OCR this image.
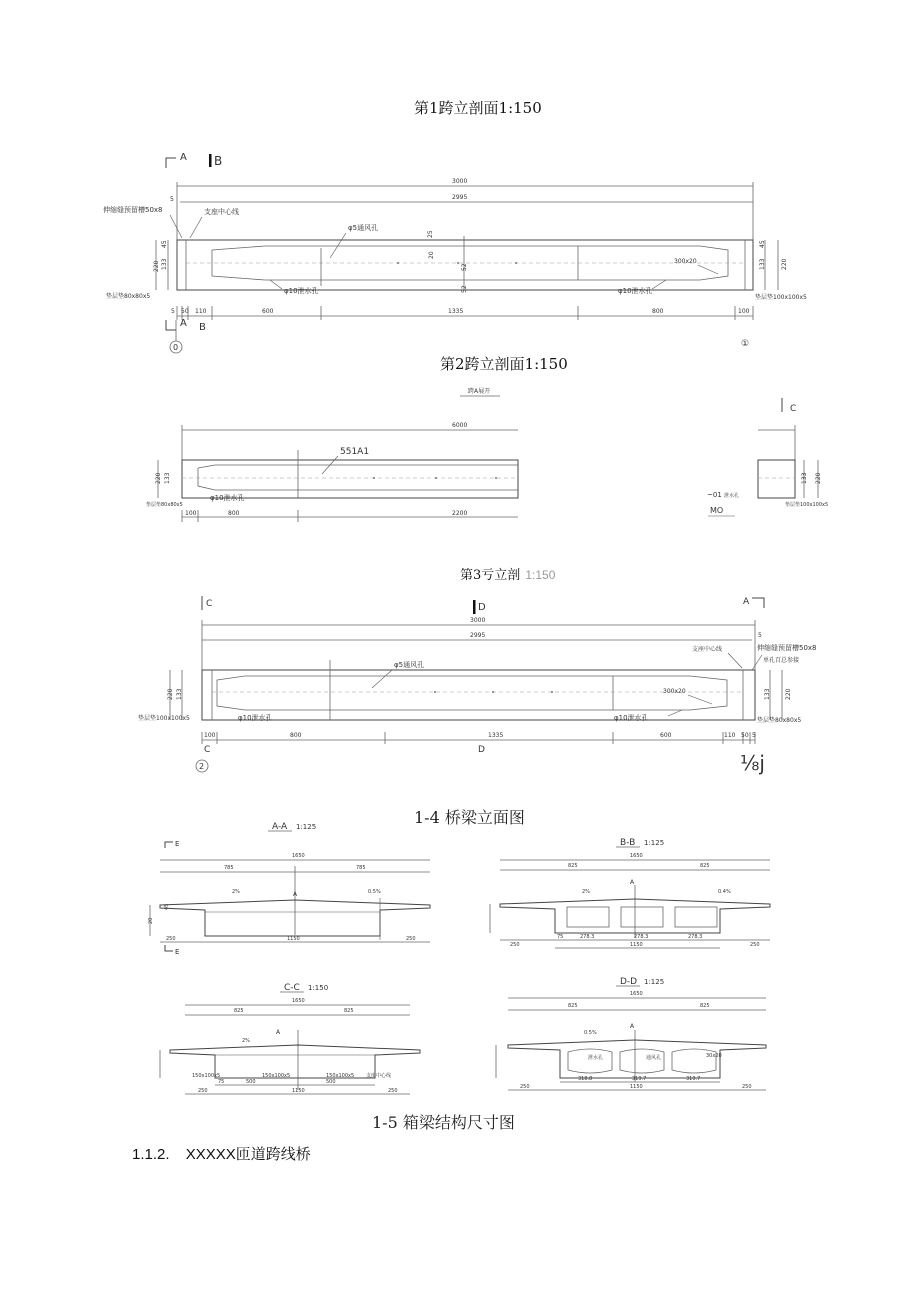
第1跨立剖面1:150
A B
3000
2995
5
伸缩缝预留槽50x8	支座中心线
φ5通风孔
25
20
52
52
300x20
220
45
133
45
133	220
φ10泄水孔	φ10泄水孔
垫层垫80x80x5	垫层垫100x100x5
5 50 110	600	1335	800	100
A B
0	①
第2跨立剖面1:150
跨A展开
C
6000
551A1
φ10泄水孔
垫层垫80x80x5
220 133
100	800	2200
133 220
垫层垫100x100x5
~01 泄水孔
MO
第3亏立剖 1:150
C	D	A
3000
2995	5
伸缩缝预留槽50x8
支座中心线
单孔百总参接
φ5通风孔
300x20
220 133	133 220
φ10泄水孔	φ10泄水孔
垫层垫100x100x5	垫层垫80x80x5
100	800	1335	600	110 50 5
C	D
2	⅛j
1-4 桥梁立面图
A-A 1:125
E
1650
785	785
2%	0.5%
A
20
45
250	1150	250
E
B-B 1:125
1650
825	825
A
2%	0.4%
75	278.3	278.3	278.3
250	1150	250
C-C 1:150
1650
825	825
A
2%
150x100x5	150x100x5	150x100x5 支座中心线
75	500	500
250	1150	250
D-D 1:125
1650
825	825
A
0.5%
泄水孔	通风孔	30x20
318.8	319.7	319.7
250	1150	250
1-5 箱梁结构尺寸图
1.1.2. XXXXX匝道跨线桥
